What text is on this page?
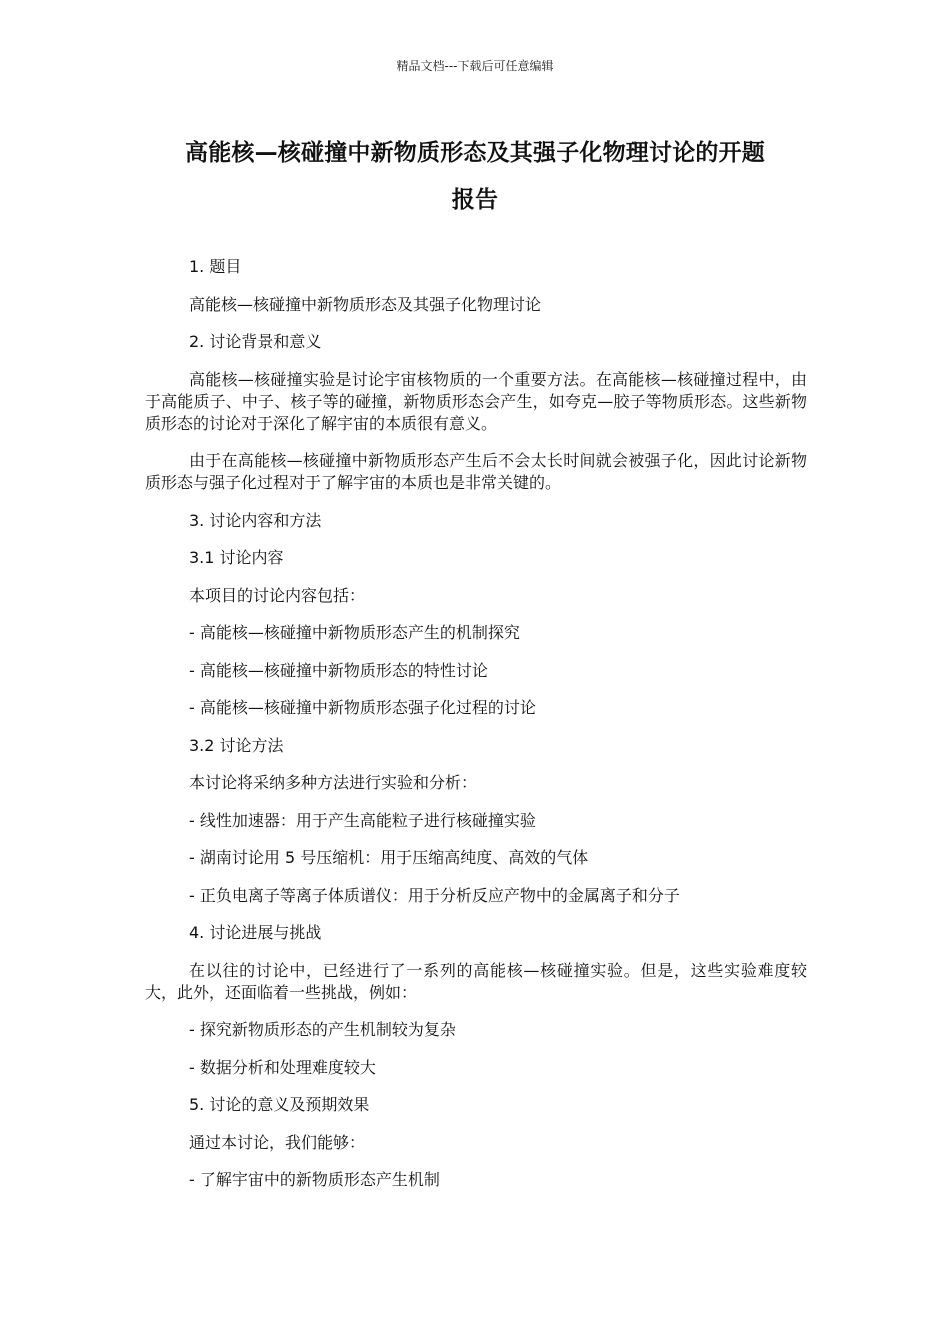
精品文档---下载后可任意编辑
高能核—核碰撞中新物质形态及其强子化物理讨论的开题
报告
1. 题目
高能核—核碰撞中新物质形态及其强子化物理讨论
2. 讨论背景和意义
高能核—核碰撞实验是讨论宇宙核物质的一个重要方法。在高能核—核碰撞过程中，由于高能质子、中子、核子等的碰撞，新物质形态会产生，如夸克—胶子等物质形态。这些新物质形态的讨论对于深化了解宇宙的本质很有意义。
由于在高能核—核碰撞中新物质形态产生后不会太长时间就会被强子化，因此讨论新物质形态与强子化过程对于了解宇宙的本质也是非常关键的。
3. 讨论内容和方法
3.1 讨论内容
本项目的讨论内容包括：
- 高能核—核碰撞中新物质形态产生的机制探究
- 高能核—核碰撞中新物质形态的特性讨论
- 高能核—核碰撞中新物质形态强子化过程的讨论
3.2 讨论方法
本讨论将采纳多种方法进行实验和分析：
- 线性加速器：用于产生高能粒子进行核碰撞实验
- 湖南讨论用 5 号压缩机：用于压缩高纯度、高效的气体
- 正负电离子等离子体质谱仪：用于分析反应产物中的金属离子和分子
4. 讨论进展与挑战
在以往的讨论中，已经进行了一系列的高能核—核碰撞实验。但是，这些实验难度较大，此外，还面临着一些挑战，例如：
- 探究新物质形态的产生机制较为复杂
- 数据分析和处理难度较大
5. 讨论的意义及预期效果
通过本讨论，我们能够：
- 了解宇宙中的新物质形态产生机制
